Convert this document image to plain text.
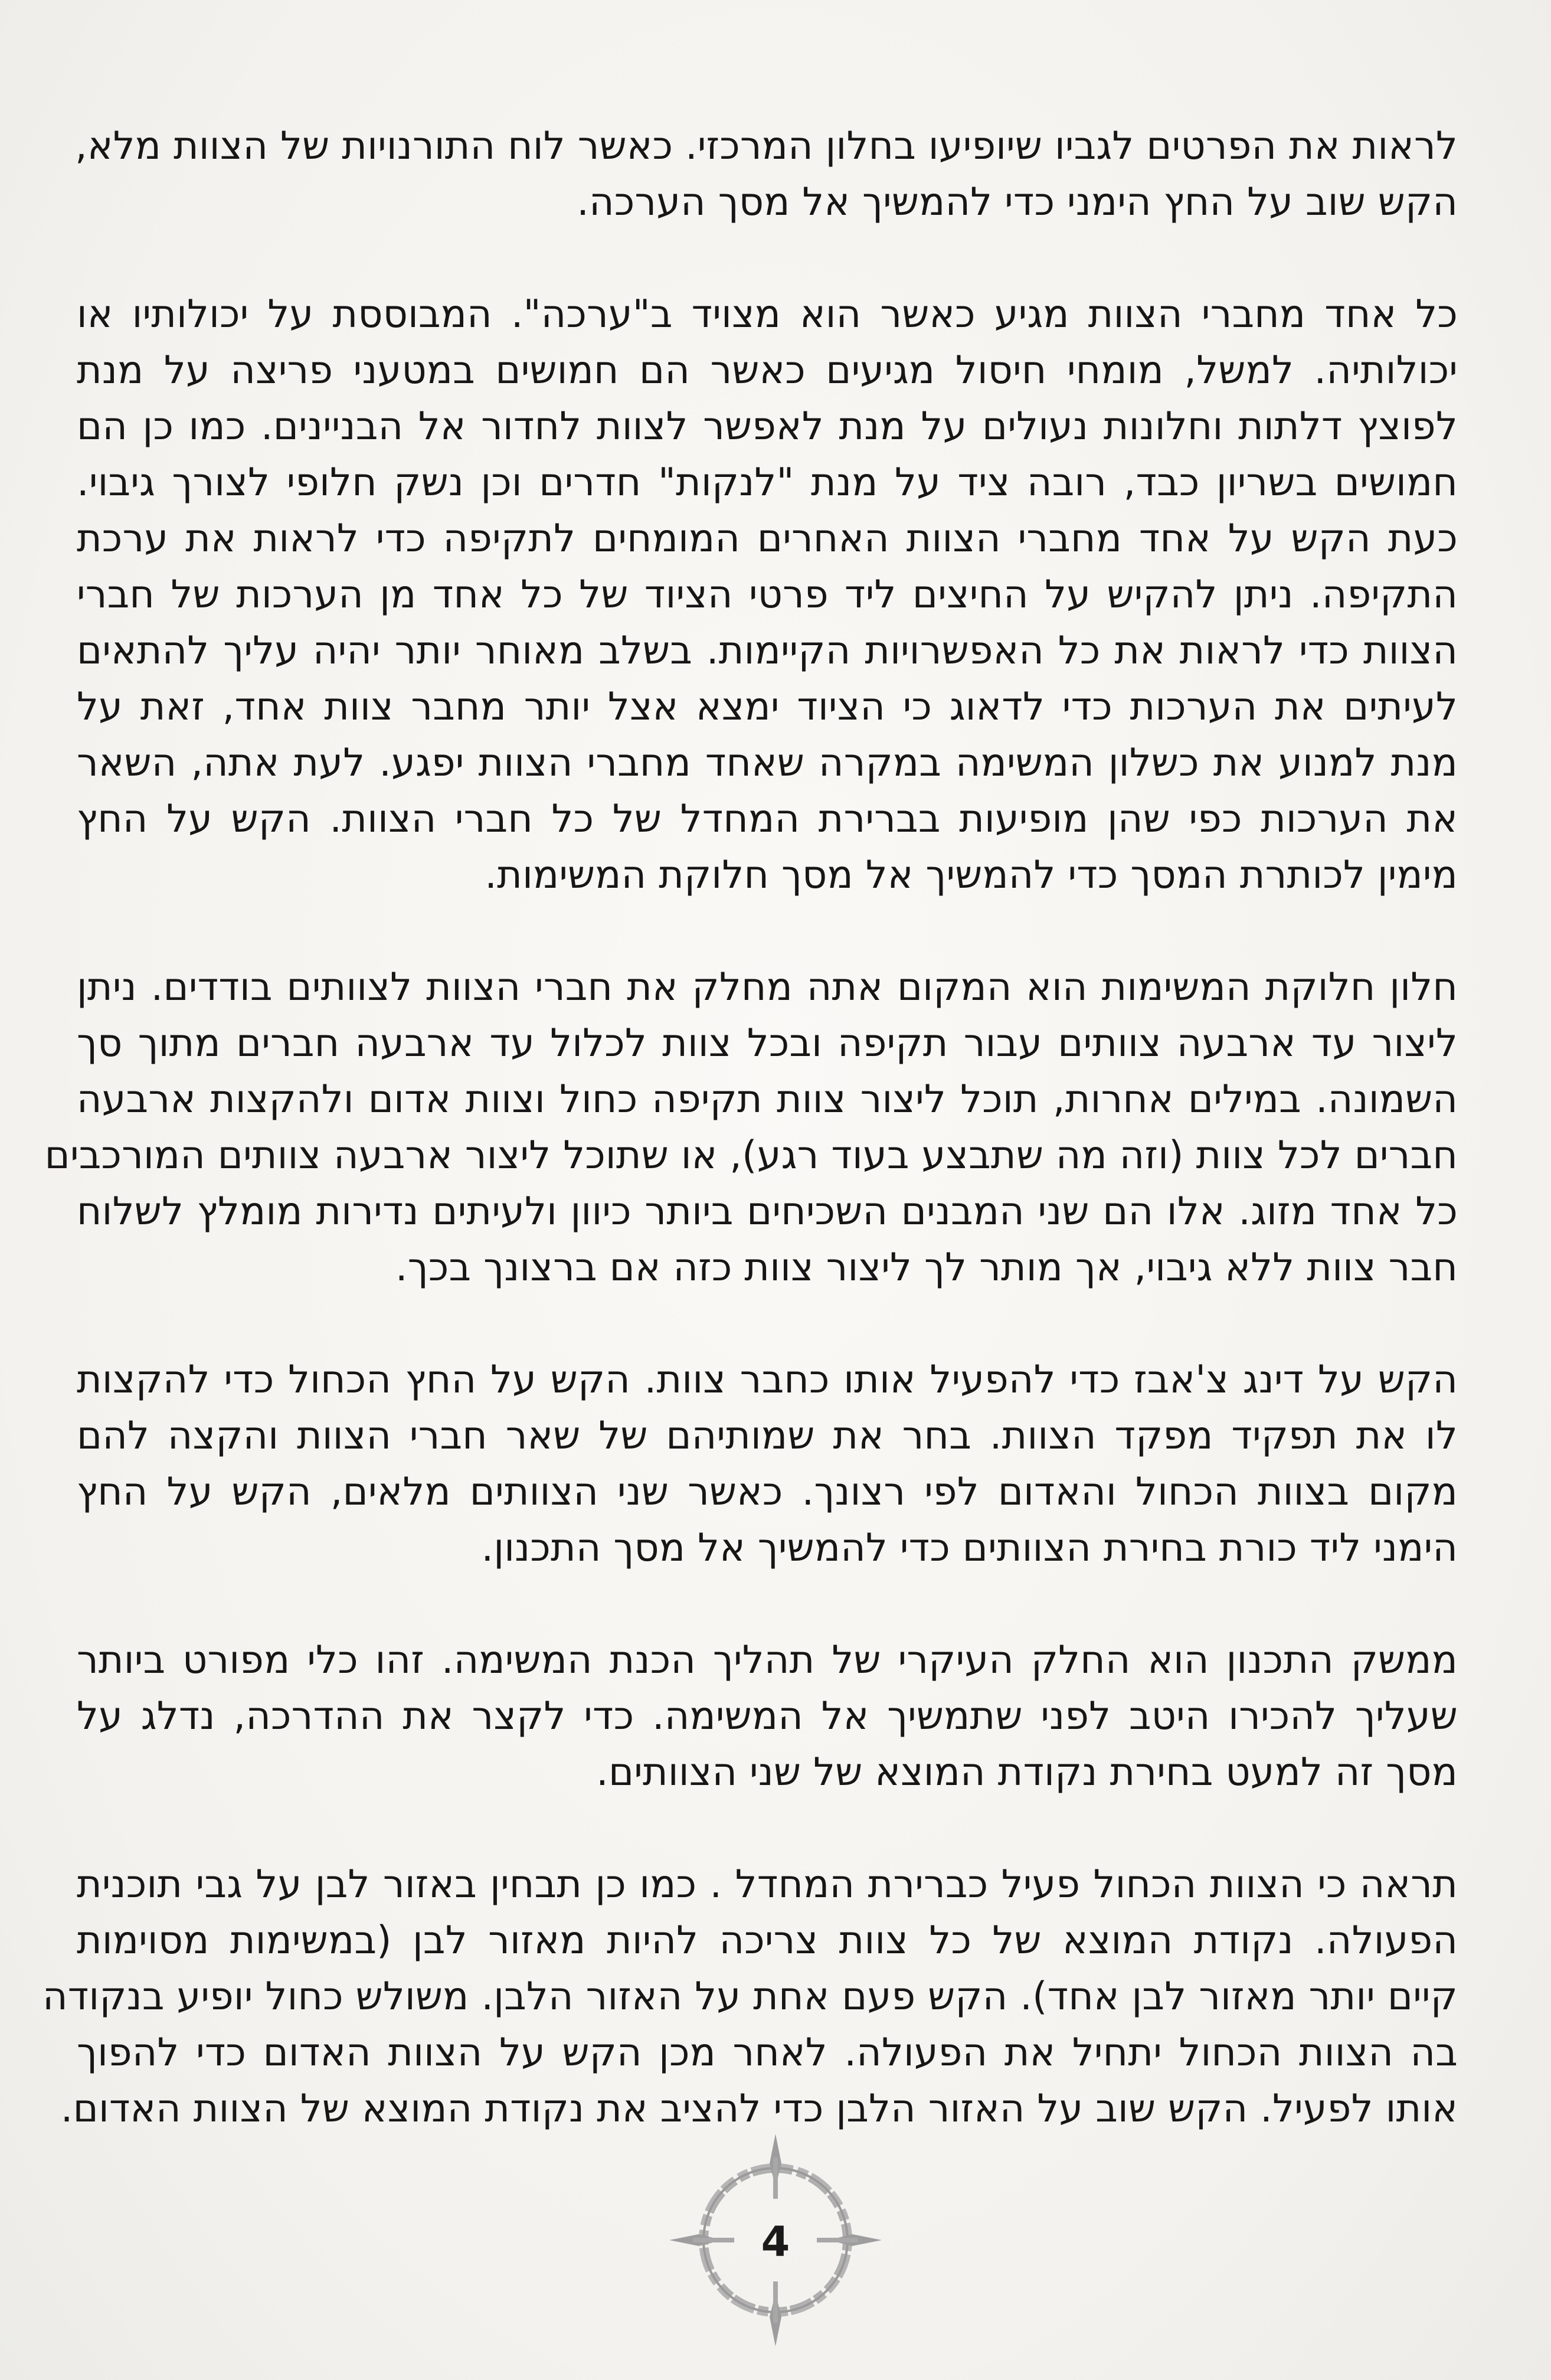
לראות את הפרטים לגביו שיופיעו בחלון המרכזי. כאשר לוח התורנויות של הצוות מלא,
הקש שוב על החץ הימני כדי להמשיך אל מסך הערכה.
כל אחד מחברי הצוות מגיע כאשר הוא מצויד ב"ערכה". המבוססת על יכולותיו או
יכולותיה. למשל, מומחי חיסול מגיעים כאשר הם חמושים במטעני פריצה על מנת
לפוצץ דלתות וחלונות נעולים על מנת לאפשר לצוות לחדור אל הבניינים. כמו כן הם
חמושים בשריון כבד, רובה ציד על מנת "לנקות" חדרים וכן נשק חלופי לצורך גיבוי.
כעת הקש על אחד מחברי הצוות האחרים המומחים לתקיפה כדי לראות את ערכת
התקיפה. ניתן להקיש על החיצים ליד פרטי הציוד של כל אחד מן הערכות של חברי
הצוות כדי לראות את כל האפשרויות הקיימות. בשלב מאוחר יותר יהיה עליך להתאים
לעיתים את הערכות כדי לדאוג כי הציוד ימצא אצל יותר מחבר צוות אחד, זאת על
מנת למנוע את כשלון המשימה במקרה שאחד מחברי הצוות יפגע. לעת אתה, השאר
את הערכות כפי שהן מופיעות בברירת המחדל של כל חברי הצוות. הקש על החץ
מימין לכותרת המסך כדי להמשיך אל מסך חלוקת המשימות.
חלון חלוקת המשימות הוא המקום אתה מחלק את חברי הצוות לצוותים בודדים. ניתן
ליצור עד ארבעה צוותים עבור תקיפה ובכל צוות לכלול עד ארבעה חברים מתוך סך
השמונה. במילים אחרות, תוכל ליצור צוות תקיפה כחול וצוות אדום ולהקצות ארבעה
חברים לכל צוות (וזה מה שתבצע בעוד רגע), או שתוכל ליצור ארבעה צוותים המורכבים
כל אחד מזוג. אלו הם שני המבנים השכיחים ביותר כיוון ולעיתים נדירות מומלץ לשלוח
חבר צוות ללא גיבוי, אך מותר לך ליצור צוות כזה אם ברצונך בכך.
הקש על דינג צ'אבז כדי להפעיל אותו כחבר צוות. הקש על החץ הכחול כדי להקצות
לו את תפקיד מפקד הצוות. בחר את שמותיהם של שאר חברי הצוות והקצה להם
מקום בצוות הכחול והאדום לפי רצונך. כאשר שני הצוותים מלאים, הקש על החץ
הימני ליד כורת בחירת הצוותים כדי להמשיך אל מסך התכנון.
ממשק התכנון הוא החלק העיקרי של תהליך הכנת המשימה. זהו כלי מפורט ביותר
שעליך להכירו היטב לפני שתמשיך אל המשימה. כדי לקצר את ההדרכה, נדלג על
מסך זה למעט בחירת נקודת המוצא של שני הצוותים.
תראה כי הצוות הכחול פעיל כברירת המחדל . כמו כן תבחין באזור לבן על גבי תוכנית
הפעולה. נקודת המוצא של כל צוות צריכה להיות מאזור לבן (במשימות מסוימות
קיים יותר מאזור לבן אחד). הקש פעם אחת על האזור הלבן. משולש כחול יופיע בנקודה
בה הצוות הכחול יתחיל את הפעולה. לאחר מכן הקש על הצוות האדום כדי להפוך
אותו לפעיל. הקש שוב על האזור הלבן כדי להציב את נקודת המוצא של הצוות האדום.
4
